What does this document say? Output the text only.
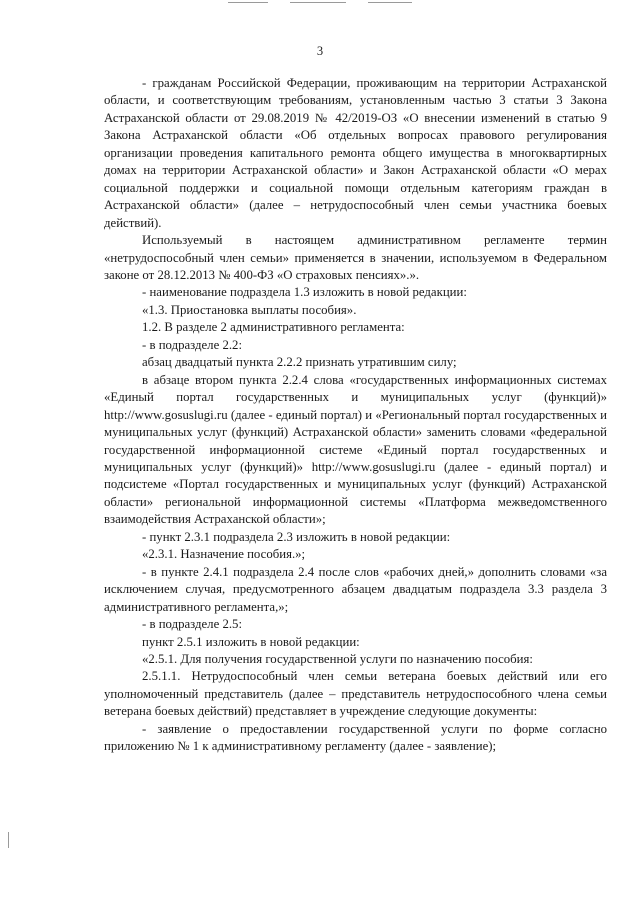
3

- гражданам Российской Федерации, проживающим на территории Астраханской области, и соответствующим требованиям, установленным частью 3 статьи 3 Закона Астраханской области от 29.08.2019 № 42/2019-ОЗ «О внесении изменений в статью 9 Закона Астраханской области «Об отдельных вопросах правового регулирования организации проведения капитального ремонта общего имущества в многоквартирных домах на территории Астраханской области» и Закон Астраханской области «О мерах социальной поддержки и социальной помощи отдельным категориям граждан в Астраханской области» (далее – нетрудоспособный член семьи участника боевых действий).

Используемый в настоящем административном регламенте термин «нетрудоспособный член семьи» применяется в значении, используемом в Федеральном законе от 28.12.2013 № 400-ФЗ «О страховых пенсиях».».

- наименование подраздела 1.3 изложить в новой редакции:

«1.3. Приостановка выплаты пособия».

1.2. В разделе 2 административного регламента:

- в подразделе 2.2:

абзац двадцатый пункта 2.2.2 признать утратившим силу;

в абзаце втором пункта 2.2.4 слова «государственных информационных системах «Единый портал государственных и муниципальных услуг (функций)» http://www.gosuslugi.ru (далее - единый портал) и «Региональный портал государственных и муниципальных услуг (функций) Астраханской области» заменить словами «федеральной государственной информационной системе «Единый портал государственных и муниципальных услуг (функций)» http://www.gosuslugi.ru (далее - единый портал) и подсистеме «Портал государственных и муниципальных услуг (функций) Астраханской области» региональной информационной системы «Платформа межведомственного взаимодействия Астраханской области»;

- пункт 2.3.1 подраздела 2.3 изложить в новой редакции:

«2.3.1. Назначение пособия.»;

- в пункте 2.4.1 подраздела 2.4 после слов «рабочих дней,» дополнить словами «за исключением случая, предусмотренного абзацем двадцатым подраздела 3.3 раздела 3 административного регламента,»;

- в подразделе 2.5:

пункт 2.5.1 изложить в новой редакции:

«2.5.1. Для получения государственной услуги по назначению пособия:

2.5.1.1. Нетрудоспособный член семьи ветерана боевых действий или его уполномоченный представитель (далее – представитель нетрудоспособного члена семьи ветерана боевых действий) представляет в учреждение следующие документы:

- заявление о предоставлении государственной услуги по форме согласно приложению № 1 к административному регламенту (далее - заявление);
